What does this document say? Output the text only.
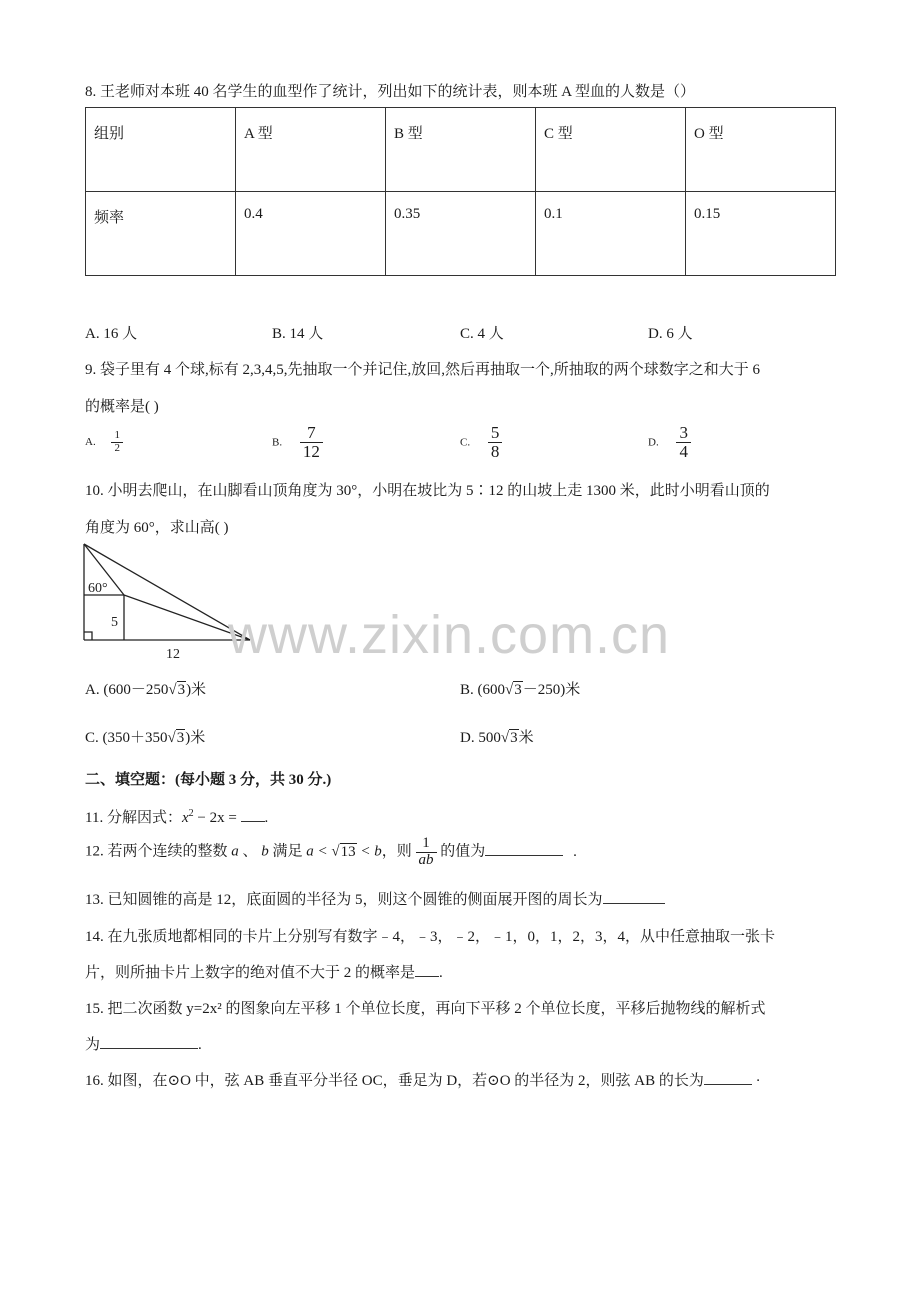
8. 王老师对本班 40 名学生的血型作了统计，列出如下的统计表，则本班 A 型血的人数是（）
组别	A 型	B 型	C 型	O 型
频率	0.4	0.35	0.1	0.15
A. 16 人	B. 14 人	C. 4 人	D. 6 人
9. 袋子里有 4 个球,标有 2,3,4,5,先抽取一个并记住,放回,然后再抽取一个,所抽取的两个球数字之和大于 6
的概率是( )
A. $\frac{1}{2}$	B. $\frac{7}{12}$	C. $\frac{5}{8}$	D. $\frac{3}{4}$
10. 小明去爬山，在山脚看山顶角度为 30°，小明在坡比为 5∶12 的山坡上走 1300 米，此时小明看山顶的
角度为 60°，求山高( )
60°
5
12 www.zixin.com.cn
A. (600－250√3)米	B. (600√3－250)米
C. (350＋350√3)米	D. 500√3米
二、填空题：(每小题 3 分，共 30 分.)
11. 分解因式：$x^2 - 2x$ = .
12. 若两个连续的整数 a 、 b 满足 a < √13 < b，则 $\frac{1}{ab}$ 的值为	.
13. 已知圆锥的高是 12，底面圆的半径为 5，则这个圆锥的侧面展开图的周长为
14. 在九张质地都相同的卡片上分别写有数字﹣4，﹣3，﹣2，﹣1，0，1，2，3，4，从中任意抽取一张卡
片，则所抽卡片上数字的绝对值不大于 2 的概率是 .
15. 把二次函数 y=2x² 的图象向左平移 1 个单位长度，再向下平移 2 个单位长度，平移后抛物线的解析式
为	.
16. 如图，在⊙O 中，弦 AB 垂直平分半径 OC，垂足为 D，若⊙O 的半径为 2，则弦 AB 的长为	·
